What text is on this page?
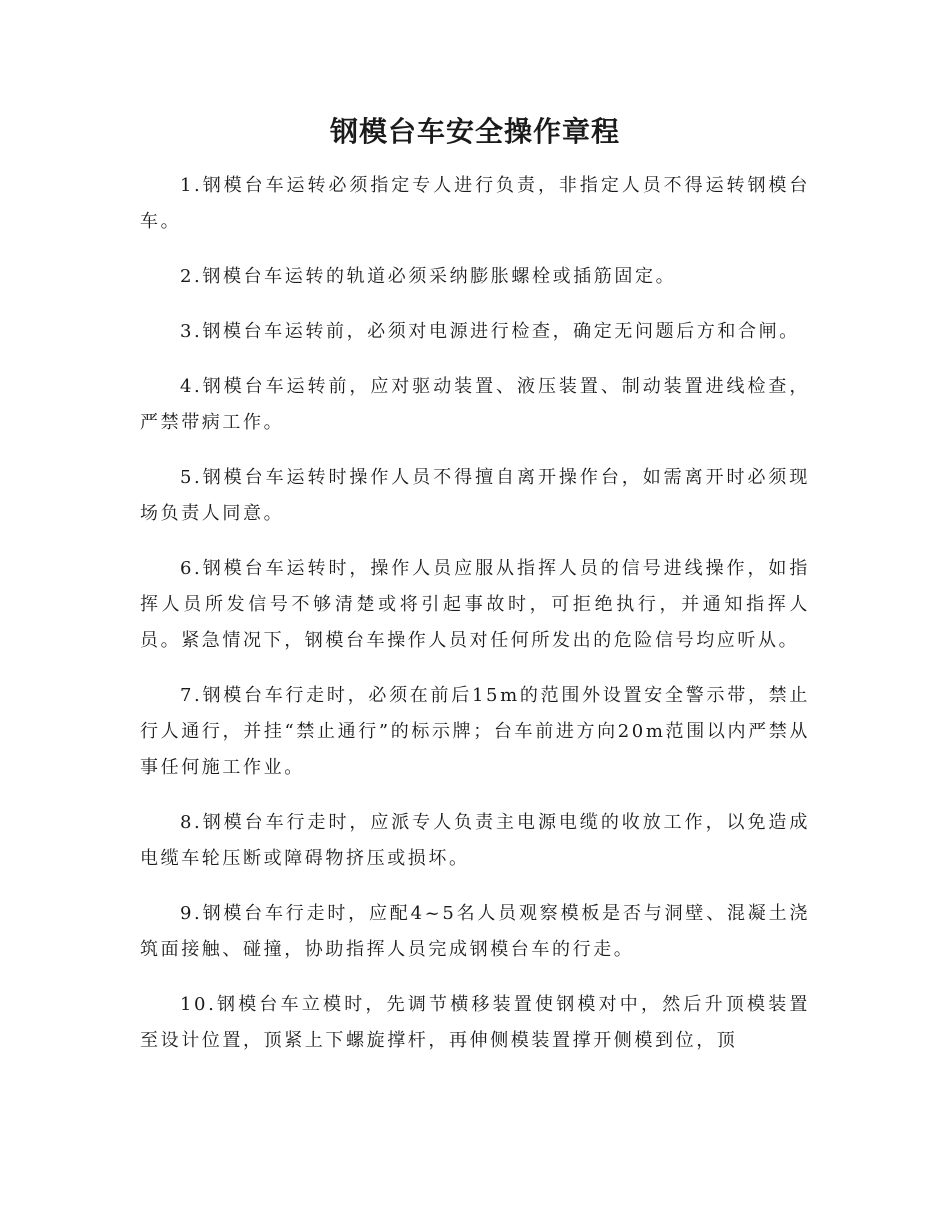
钢模台车安全操作章程

1.钢模台车运转必须指定专人进行负责，非指定人员不得运转钢模台车。

2.钢模台车运转的轨道必须采纳膨胀螺栓或插筋固定。

3.钢模台车运转前，必须对电源进行检查，确定无问题后方和合闸。

4.钢模台车运转前，应对驱动装置、液压装置、制动装置进线检查，严禁带病工作。

5.钢模台车运转时操作人员不得擅自离开操作台，如需离开时必须现场负责人同意。

6.钢模台车运转时，操作人员应服从指挥人员的信号进线操作，如指挥人员所发信号不够清楚或将引起事故时，可拒绝执行，并通知指挥人员。紧急情况下，钢模台车操作人员对任何所发出的危险信号均应听从。

7.钢模台车行走时，必须在前后15m的范围外设置安全警示带，禁止行人通行，并挂“禁止通行”的标示牌；台车前进方向20m范围以内严禁从事任何施工作业。

8.钢模台车行走时，应派专人负责主电源电缆的收放工作，以免造成电缆车轮压断或障碍物挤压或损坏。

9.钢模台车行走时，应配4~5名人员观察模板是否与洞壁、混凝土浇筑面接触、碰撞，协助指挥人员完成钢模台车的行走。

10.钢模台车立模时，先调节横移装置使钢模对中，然后升顶模装置至设计位置，顶紧上下螺旋撑杆，再伸侧模装置撑开侧模到位，顶
